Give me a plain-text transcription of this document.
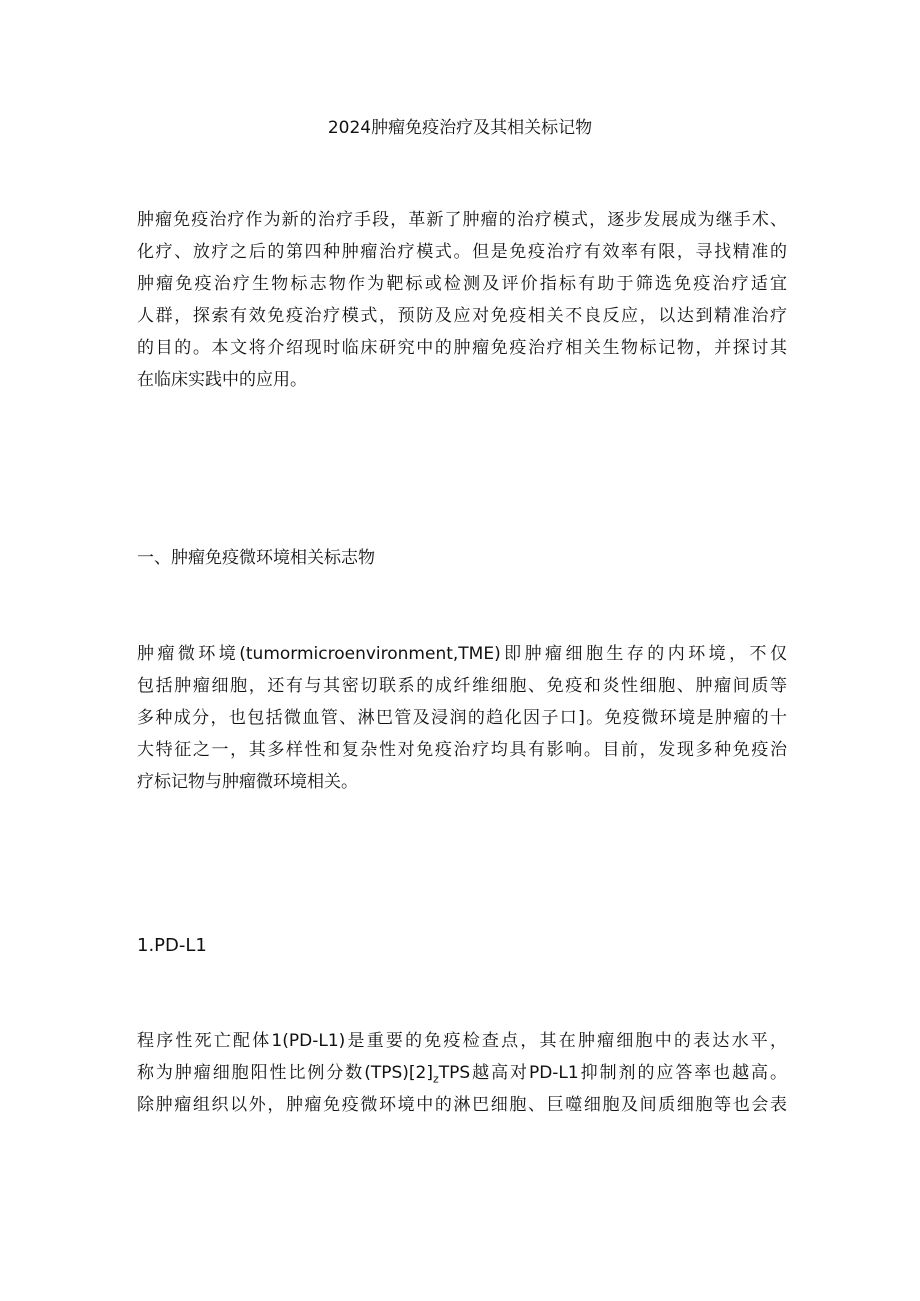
2024肿瘤免疫治疗及其相关标记物
肿瘤免疫治疗作为新的治疗手段，革新了肿瘤的治疗模式，逐步发展成为继手术、
化疗、放疗之后的第四种肿瘤治疗模式。但是免疫治疗有效率有限，寻找精准的
肿瘤免疫治疗生物标志物作为靶标或检测及评价指标有助于筛选免疫治疗适宜
人群，探索有效免疫治疗模式，预防及应对免疫相关不良反应，以达到精准治疗
的目的。本文将介绍现时临床研究中的肿瘤免疫治疗相关生物标记物，并探讨其
在临床实践中的应用。
一、肿瘤免疫微环境相关标志物
肿瘤微环境(tumormicroenvironment,TME)即肿瘤细胞生存的内环境，不仅
包括肿瘤细胞，还有与其密切联系的成纤维细胞、免疫和炎性细胞、肿瘤间质等
多种成分，也包括微血管、淋巴管及浸润的趋化因子口]。免疫微环境是肿瘤的十
大特征之一，其多样性和复杂性对免疫治疗均具有影响。目前，发现多种免疫治
疗标记物与肿瘤微环境相关。
1.PD-L1
程序性死亡配体1(PD-L1)是重要的免疫检查点，其在肿瘤细胞中的表达水平，
称为肿瘤细胞阳性比例分数$(TPS)[2]_zTPS$越高对PD-L1抑制剂的应答率也越高。
除肿瘤组织以外，肿瘤免疫微环境中的淋巴细胞、巨噬细胞及间质细胞等也会表
